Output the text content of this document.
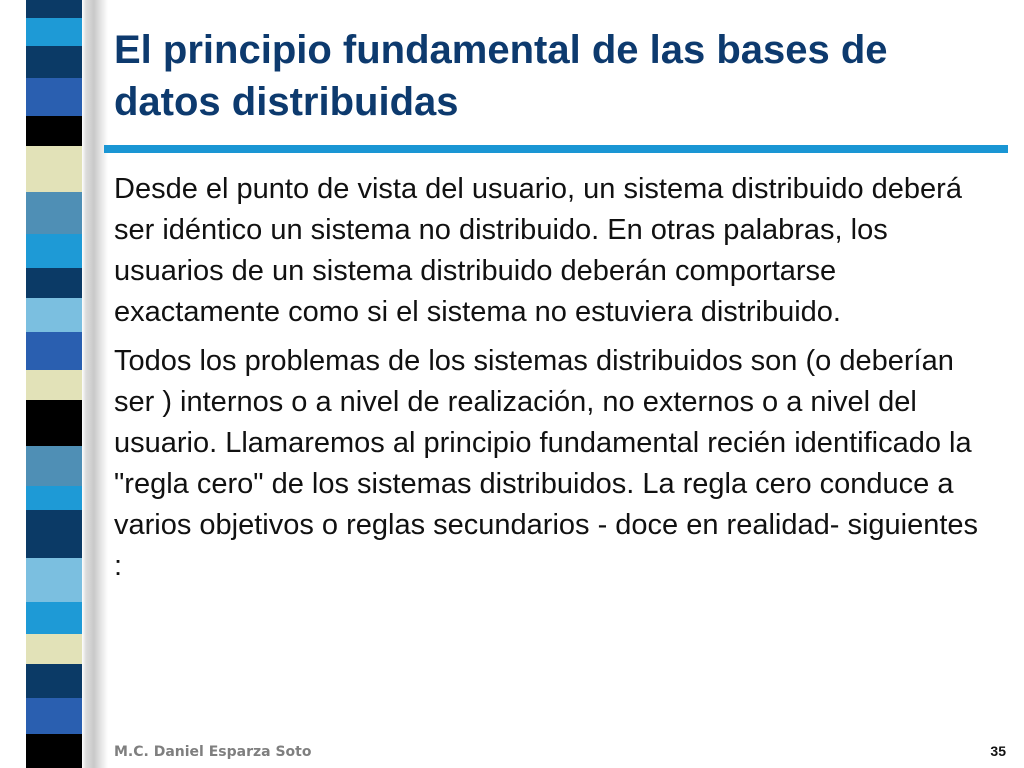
El principio fundamental de las bases de datos distribuidas

Desde el punto de vista del usuario, un sistema distribuido deberá ser idéntico un sistema no distribuido. En otras palabras, los usuarios de un sistema distribuido deberán comportarse exactamente como si el sistema no estuviera distribuido.

Todos los problemas de los sistemas distribuidos son (o deberían ser ) internos o a nivel de realización, no externos o a nivel del usuario. Llamaremos al principio fundamental recién identificado la "regla cero" de los sistemas distribuidos. La regla cero conduce a varios objetivos o reglas secundarios - doce en realidad- siguientes :

M.C. Daniel Esparza Soto	35
